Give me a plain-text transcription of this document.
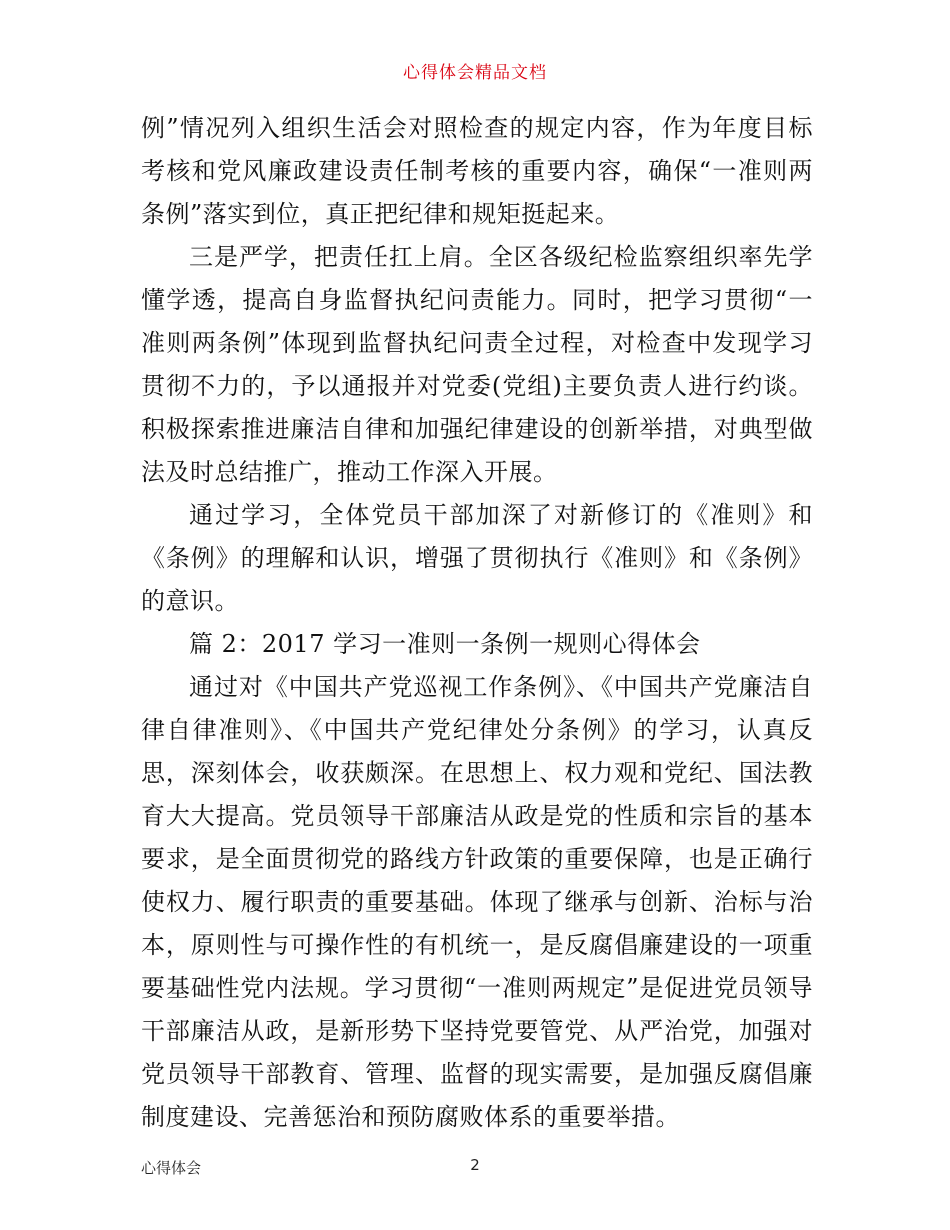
心得体会精品文档

例”情况列入组织生活会对照检查的规定内容，作为年度目标考核和党风廉政建设责任制考核的重要内容，确保“一准则两条例”落实到位，真正把纪律和规矩挺起来。

三是严学，把责任扛上肩。全区各级纪检监察组织率先学懂学透，提高自身监督执纪问责能力。同时，把学习贯彻“一准则两条例”体现到监督执纪问责全过程，对检查中发现学习贯彻不力的，予以通报并对党委(党组)主要负责人进行约谈。积极探索推进廉洁自律和加强纪律建设的创新举措，对典型做法及时总结推广，推动工作深入开展。

通过学习，全体党员干部加深了对新修订的《准则》和《条例》的理解和认识，增强了贯彻执行《准则》和《条例》的意识。

篇 2：2017 学习一准则一条例一规则心得体会

通过对《中国共产党巡视工作条例》、《中国共产党廉洁自律自律准则》、《中国共产党纪律处分条例》的学习，认真反思，深刻体会，收获颇深。在思想上、权力观和党纪、国法教育大大提高。党员领导干部廉洁从政是党的性质和宗旨的基本要求，是全面贯彻党的路线方针政策的重要保障，也是正确行使权力、履行职责的重要基础。体现了继承与创新、治标与治本，原则性与可操作性的有机统一，是反腐倡廉建设的一项重要基础性党内法规。学习贯彻“一准则两规定”是促进党员领导干部廉洁从政，是新形势下坚持党要管党、从严治党，加强对党员领导干部教育、管理、监督的现实需要，是加强反腐倡廉制度建设、完善惩治和预防腐败体系的重要举措。

心得体会	2
